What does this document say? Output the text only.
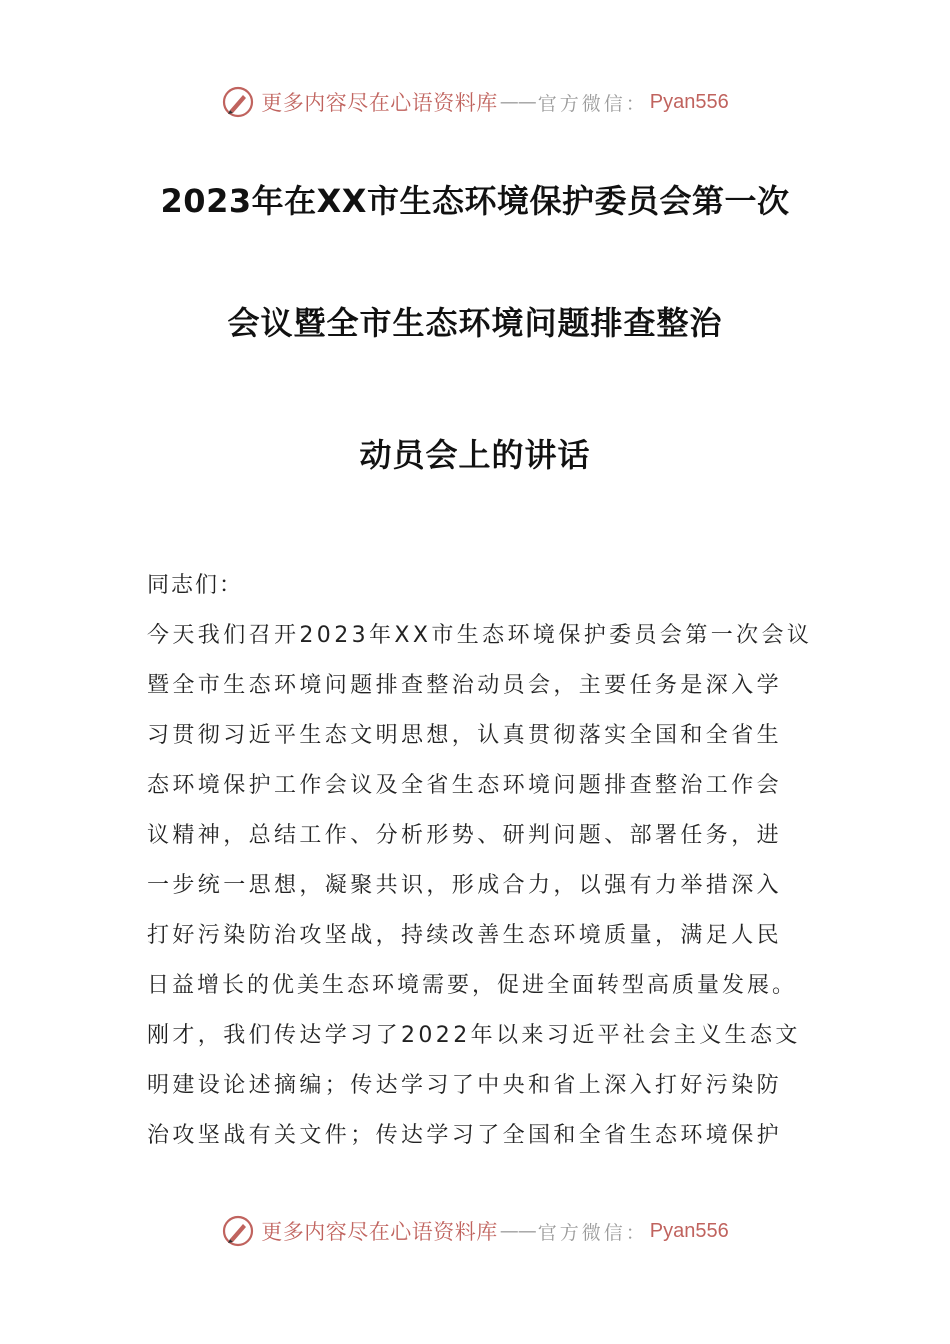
更多内容尽在心语资料库 —— 官方微信： Pyan556
2023年在XX市生态环境保护委员会第一次
会议暨全市生态环境问题排查整治
动员会上的讲话
同志们：
今天我们召开2023年XX市生态环境保护委员会第一次会议
暨全市生态环境问题排查整治动员会，主要任务是深入学
习贯彻习近平生态文明思想，认真贯彻落实全国和全省生
态环境保护工作会议及全省生态环境问题排查整治工作会
议精神，总结工作、分析形势、研判问题、部署任务，进
一步统一思想，凝聚共识，形成合力，以强有力举措深入
打好污染防治攻坚战，持续改善生态环境质量，满足人民
日益增长的优美生态环境需要，促进全面转型高质量发展。
刚才，我们传达学习了2022年以来习近平社会主义生态文
明建设论述摘编；传达学习了中央和省上深入打好污染防
治攻坚战有关文件；传达学习了全国和全省生态环境保护
更多内容尽在心语资料库 —— 官方微信： Pyan556
